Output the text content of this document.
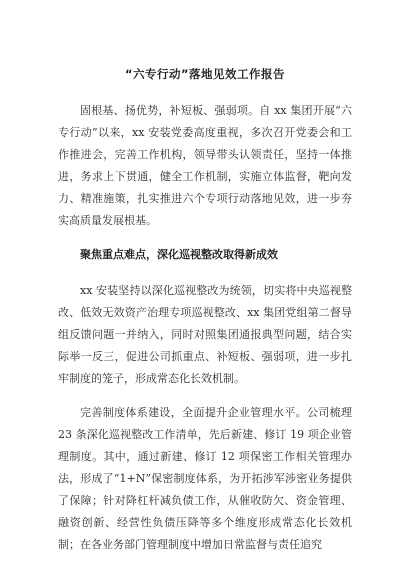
“六专行动”落地见效工作报告

固根基、扬优势，补短板、强弱项。自 xx 集团开展“六专行动”以来，xx 安装党委高度重视，多次召开党委会和工作推进会，完善工作机构，领导带头认领责任，坚持一体推进，务求上下贯通，健全工作机制，实施立体监督，靶向发力、精准施策，扎实推进六个专项行动落地见效，进一步夯实高质量发展根基。

聚焦重点难点，深化巡视整改取得新成效

xx 安装坚持以深化巡视整改为统领，切实将中央巡视整改、低效无效资产治理专项巡视整改、xx 集团党组第二督导组反馈问题一并纳入，同时对照集团通报典型问题，结合实际举一反三，促进公司抓重点、补短板、强弱项，进一步扎牢制度的笼子，形成常态化长效机制。

完善制度体系建设，全面提升企业管理水平。公司梳理 23 条深化巡视整改工作清单，先后新建、修订 19 项企业管理制度。其中，通过新建、修订 12 项保密工作相关管理办法，形成了“1+N”保密制度体系，为开拓涉军涉密业务提供了保障；针对降杠杆减负债工作，从催收防欠、资金管理、融资创新、经营性负债压降等多个维度形成常态化长效机制；在各业务部门管理制度中增加日常监督与责任追究
